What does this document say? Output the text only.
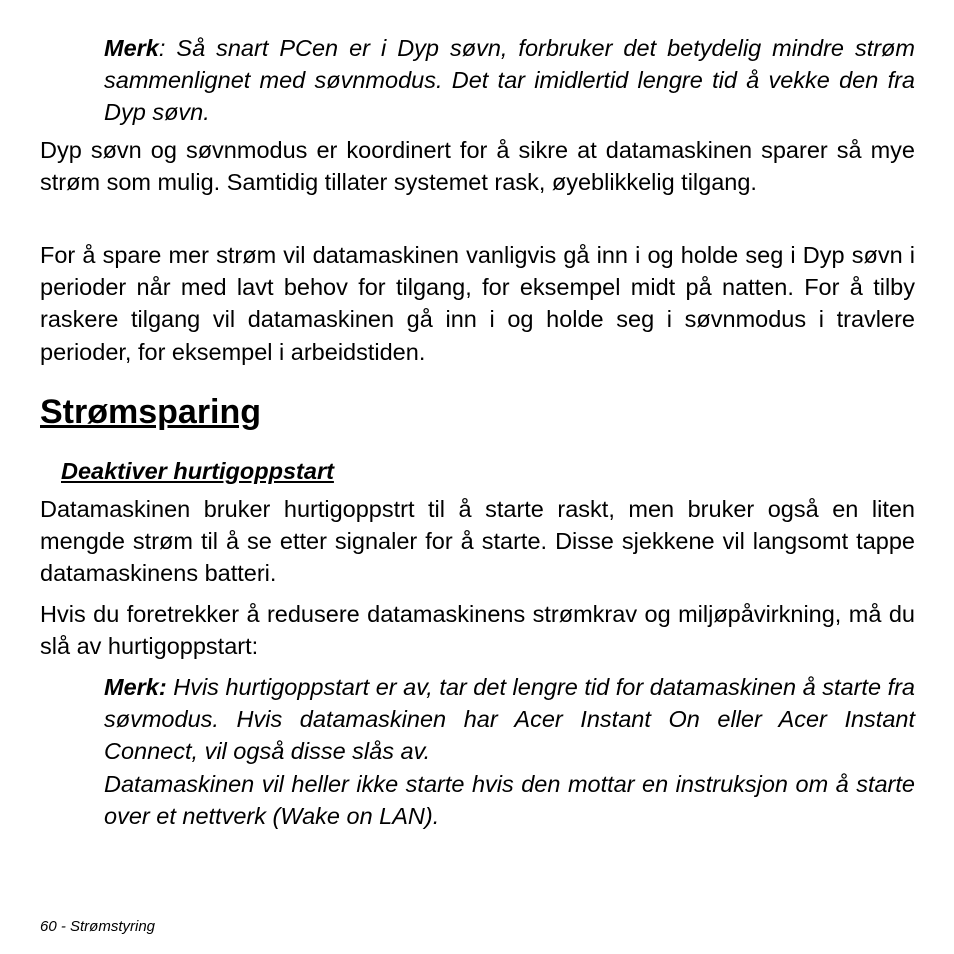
Merk: Så snart PCen er i Dyp søvn, forbruker det betydelig mindre strøm sammenlignet med søvnmodus. Det tar imidlertid lengre tid å vekke den fra Dyp søvn.

Dyp søvn og søvnmodus er koordinert for å sikre at datamaskinen sparer så mye strøm som mulig. Samtidig tillater systemet rask, øyeblikkelig tilgang.

For å spare mer strøm vil datamaskinen vanligvis gå inn i og holde seg i Dyp søvn i perioder når med lavt behov for tilgang, for eksempel midt på natten. For å tilby raskere tilgang vil datamaskinen gå inn i og holde seg i søvnmodus i travlere perioder, for eksempel i arbeidstiden.

Strømsparing
Deaktiver hurtigoppstart

Datamaskinen bruker hurtigoppstrt til å starte raskt, men bruker også en liten mengde strøm til å se etter signaler for å starte. Disse sjekkene vil langsomt tappe datamaskinens batteri.

Hvis du foretrekker å redusere datamaskinens strømkrav og miljøpåvirkning, må du slå av hurtigoppstart:

Merk: Hvis hurtigoppstart er av, tar det lengre tid for datamaskinen å starte fra søvmodus. Hvis datamaskinen har Acer Instant On eller Acer Instant Connect, vil også disse slås av.

Datamaskinen vil heller ikke starte hvis den mottar en instruksjon om å starte over et nettverk (Wake on LAN).

60 - Strømstyring
